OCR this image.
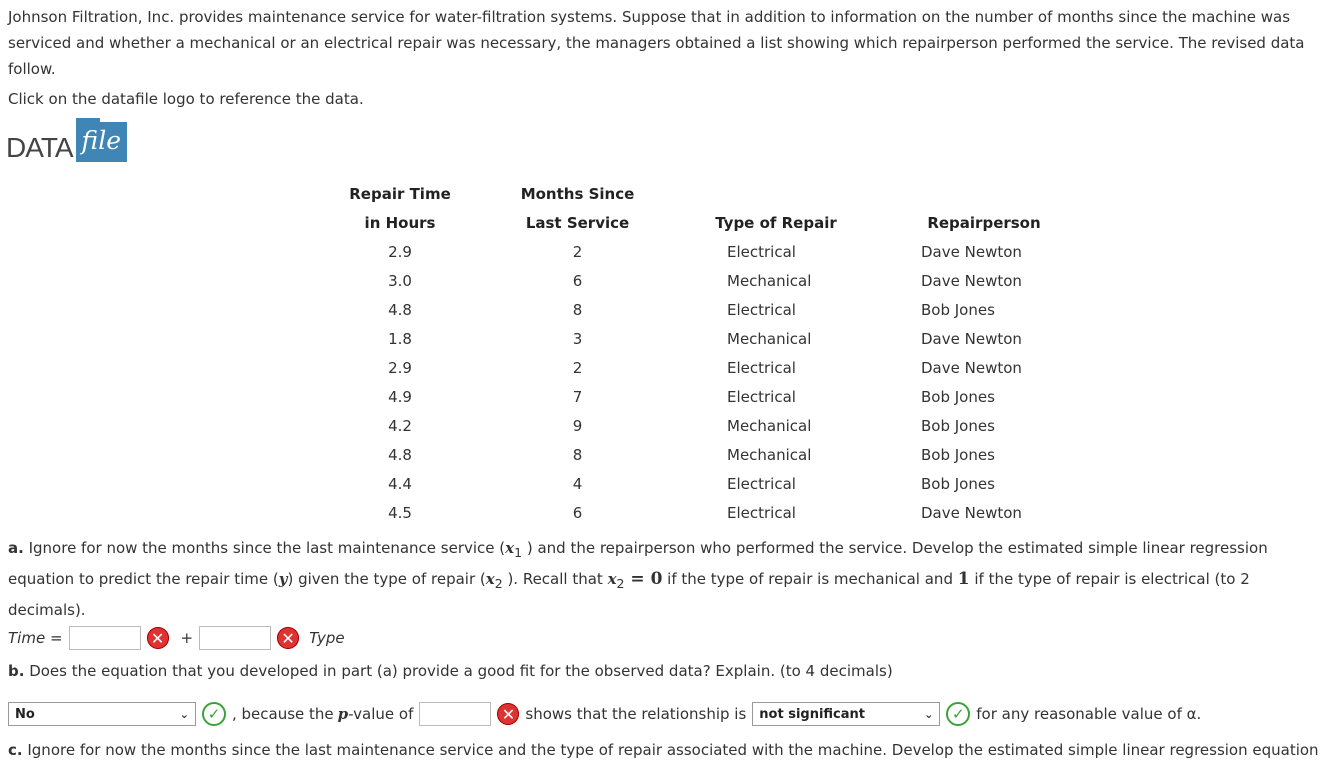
Johnson Filtration, Inc. provides maintenance service for water-filtration systems. Suppose that in addition to information on the number of months since the machine was serviced and whether a mechanical or an electrical repair was necessary, the managers obtained a list showing which repairperson performed the service. The revised data follow.

Click on the datafile logo to reference the data.

DATA file
Repair Time	Months Since		
in Hours	Last Service	Type of Repair	Repairperson
2.9	2	Electrical	Dave Newton
3.0	6	Mechanical	Dave Newton
4.8	8	Electrical	Bob Jones
1.8	3	Mechanical	Dave Newton
2.9	2	Electrical	Dave Newton
4.9	7	Electrical	Bob Jones
4.2	9	Mechanical	Bob Jones
4.8	8	Mechanical	Bob Jones
4.4	4	Electrical	Bob Jones
4.5	6	Electrical	Dave Newton

a. Ignore for now the months since the last maintenance service ($x_1$ ) and the repairperson who performed the service. Develop the estimated simple linear regression equation to predict the repair time (y) given the type of repair ($x_2$ ). Recall that $x_2 = 0$ if the type of repair is mechanical and 1 if the type of repair is electrical (to 2 decimals).

Time =	✕ +	✕ Type

b. Does the equation that you developed in part (a) provide a good fit for the observed data? Explain. (to 4 decimals)

No	⌄	✓ , because the p -value of	✕ shows that the relationship is not significant	⌄	✓ for any reasonable value of α.

c. Ignore for now the months since the last maintenance service and the type of repair associated with the machine. Develop the estimated simple linear regression equation
